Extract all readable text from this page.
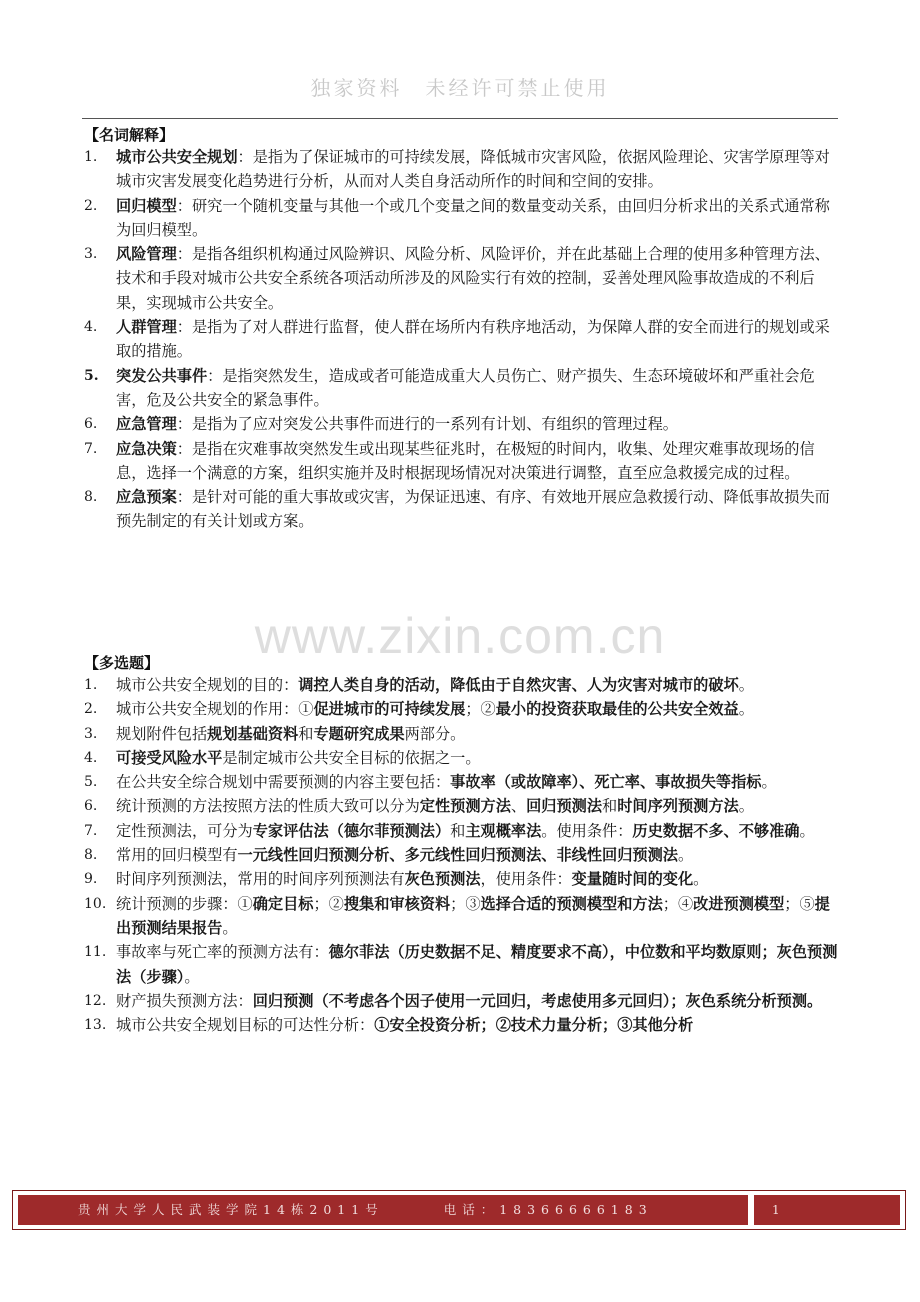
独家资料　未经许可禁止使用
【名词解释】
1.	城市公共安全规划：是指为了保证城市的可持续发展，降低城市灾害风险，依据风险理论、灾害学原理等对城市灾害发展变化趋势进行分析，从而对人类自身活动所作的时间和空间的安排。
2.	回归模型：研究一个随机变量与其他一个或几个变量之间的数量变动关系，由回归分析求出的关系式通常称为回归模型。
3.	风险管理：是指各组织机构通过风险辨识、风险分析、风险评价，并在此基础上合理的使用多种管理方法、技术和手段对城市公共安全系统各项活动所涉及的风险实行有效的控制，妥善处理风险事故造成的不利后果，实现城市公共安全。
4.	人群管理：是指为了对人群进行监督，使人群在场所内有秩序地活动，为保障人群的安全而进行的规划或采取的措施。
5.	突发公共事件：是指突然发生，造成或者可能造成重大人员伤亡、财产损失、生态环境破坏和严重社会危害，危及公共安全的紧急事件。
6.	应急管理：是指为了应对突发公共事件而进行的一系列有计划、有组织的管理过程。
7.	应急决策：是指在灾难事故突然发生或出现某些征兆时，在极短的时间内，收集、处理灾难事故现场的信息，选择一个满意的方案，组织实施并及时根据现场情况对决策进行调整，直至应急救援完成的过程。
8.	应急预案：是针对可能的重大事故或灾害，为保证迅速、有序、有效地开展应急救援行动、降低事故损失而预先制定的有关计划或方案。
www.zixin.com.cn
【多选题】
1.	城市公共安全规划的目的：调控人类自身的活动，降低由于自然灾害、人为灾害对城市的破坏。
2.	城市公共安全规划的作用：①促进城市的可持续发展；②最小的投资获取最佳的公共安全效益。
3.	规划附件包括规划基础资料和专题研究成果两部分。
4.	可接受风险水平是制定城市公共安全目标的依据之一。
5.	在公共安全综合规划中需要预测的内容主要包括：事故率（或故障率）、死亡率、事故损失等指标。
6.	统计预测的方法按照方法的性质大致可以分为定性预测方法、回归预测法和时间序列预测方法。
7.	定性预测法，可分为专家评估法（德尔菲预测法）和主观概率法。使用条件：历史数据不多、不够准确。
8.	常用的回归模型有一元线性回归预测分析、多元线性回归预测法、非线性回归预测法。
9.	时间序列预测法，常用的时间序列预测法有灰色预测法，使用条件：变量随时间的变化。
10. 统计预测的步骤：①确定目标；②搜集和审核资料；③选择合适的预测模型和方法；④改进预测模型；⑤提出预测结果报告。
11. 事故率与死亡率的预测方法有：德尔菲法（历史数据不足、精度要求不高），中位数和平均数原则；灰色预测法（步骤）。
12. 财产损失预测方法：回归预测（不考虑各个因子使用一元回归，考虑使用多元回归）；灰色系统分析预测。
13. 城市公共安全规划目标的可达性分析：①安全投资分析；②技术力量分析；③其他分析
贵州大学人民武装学院14栋2011号	电话：18366666183	1
